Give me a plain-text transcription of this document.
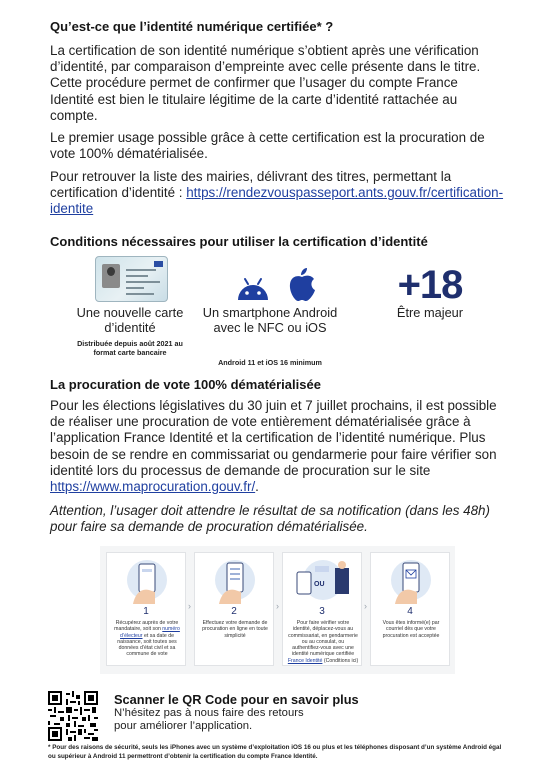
Qu’est-ce que l’identité numérique certifiée* ?

La certification de son identité numérique s’obtient après une vérification d’identité, par comparaison d’empreinte avec celle présente dans le titre. Cette procédure permet de confirmer que l’usager du compte France Identité est bien le titulaire légitime de la carte d’identité rattachée au compte.

Le premier usage possible grâce à cette certification est la procuration de vote 100% dématérialisée.

Pour retrouver la liste des mairies, délivrant des titres, permettant la certification d’identité : https://rendezvouspasseport.ants.gouv.fr/certification-identite

Conditions nécessaires pour utiliser la certification d’identité
Une nouvelle carte d’identité
Distribuée depuis août 2021 au format carte bancaire
Un smartphone Android avec le NFC ou iOS
Android 11 et iOS 16 minimum
+18
Être majeur
La procuration de vote 100% dématérialisée

Pour les élections législatives du 30 juin et 7 juillet prochains, il est possible de réaliser une procuration de vote entièrement dématérialisée grâce à l’application France Identité et la certification de l’identité numérique. Plus besoin de se rendre en commissariat ou gendarmerie pour faire vérifier son identité lors du processus de demande de procuration sur le site https://www.maprocuration.gouv.fr/.

Attention, l’usager doit attendre le résultat de sa notification (dans les 48h) pour faire sa demande de procuration dématérialisée.

1
Récupérez auprès de votre mandataire, soit son numéro d’électeur et sa date de naissance, soit toutes ses données d’état civil et sa commune de vote
›	2
Effectuez votre demande de procuration en ligne en toute simplicité
›
OU
3
Pour faire vérifier votre identité, déplacez-vous au commissariat, en gendarmerie ou au consulat, ou authentifiez-vous avec une identité numérique certifiée France Identité (Conditions ici)
›	4
Vous êtes informé(e) par courriel dès que votre procuration est acceptée
Scanner le QR Code pour en savoir plus
N’hésitez pas à nous faire des retours
pour améliorer l’application.
* Pour des raisons de sécurité, seuls les iPhones avec un système d’exploitation iOS 16 ou plus et les téléphones disposant d’un système Android égal ou supérieur à Android 11 permettront d’obtenir la certification du compte France Identité.
